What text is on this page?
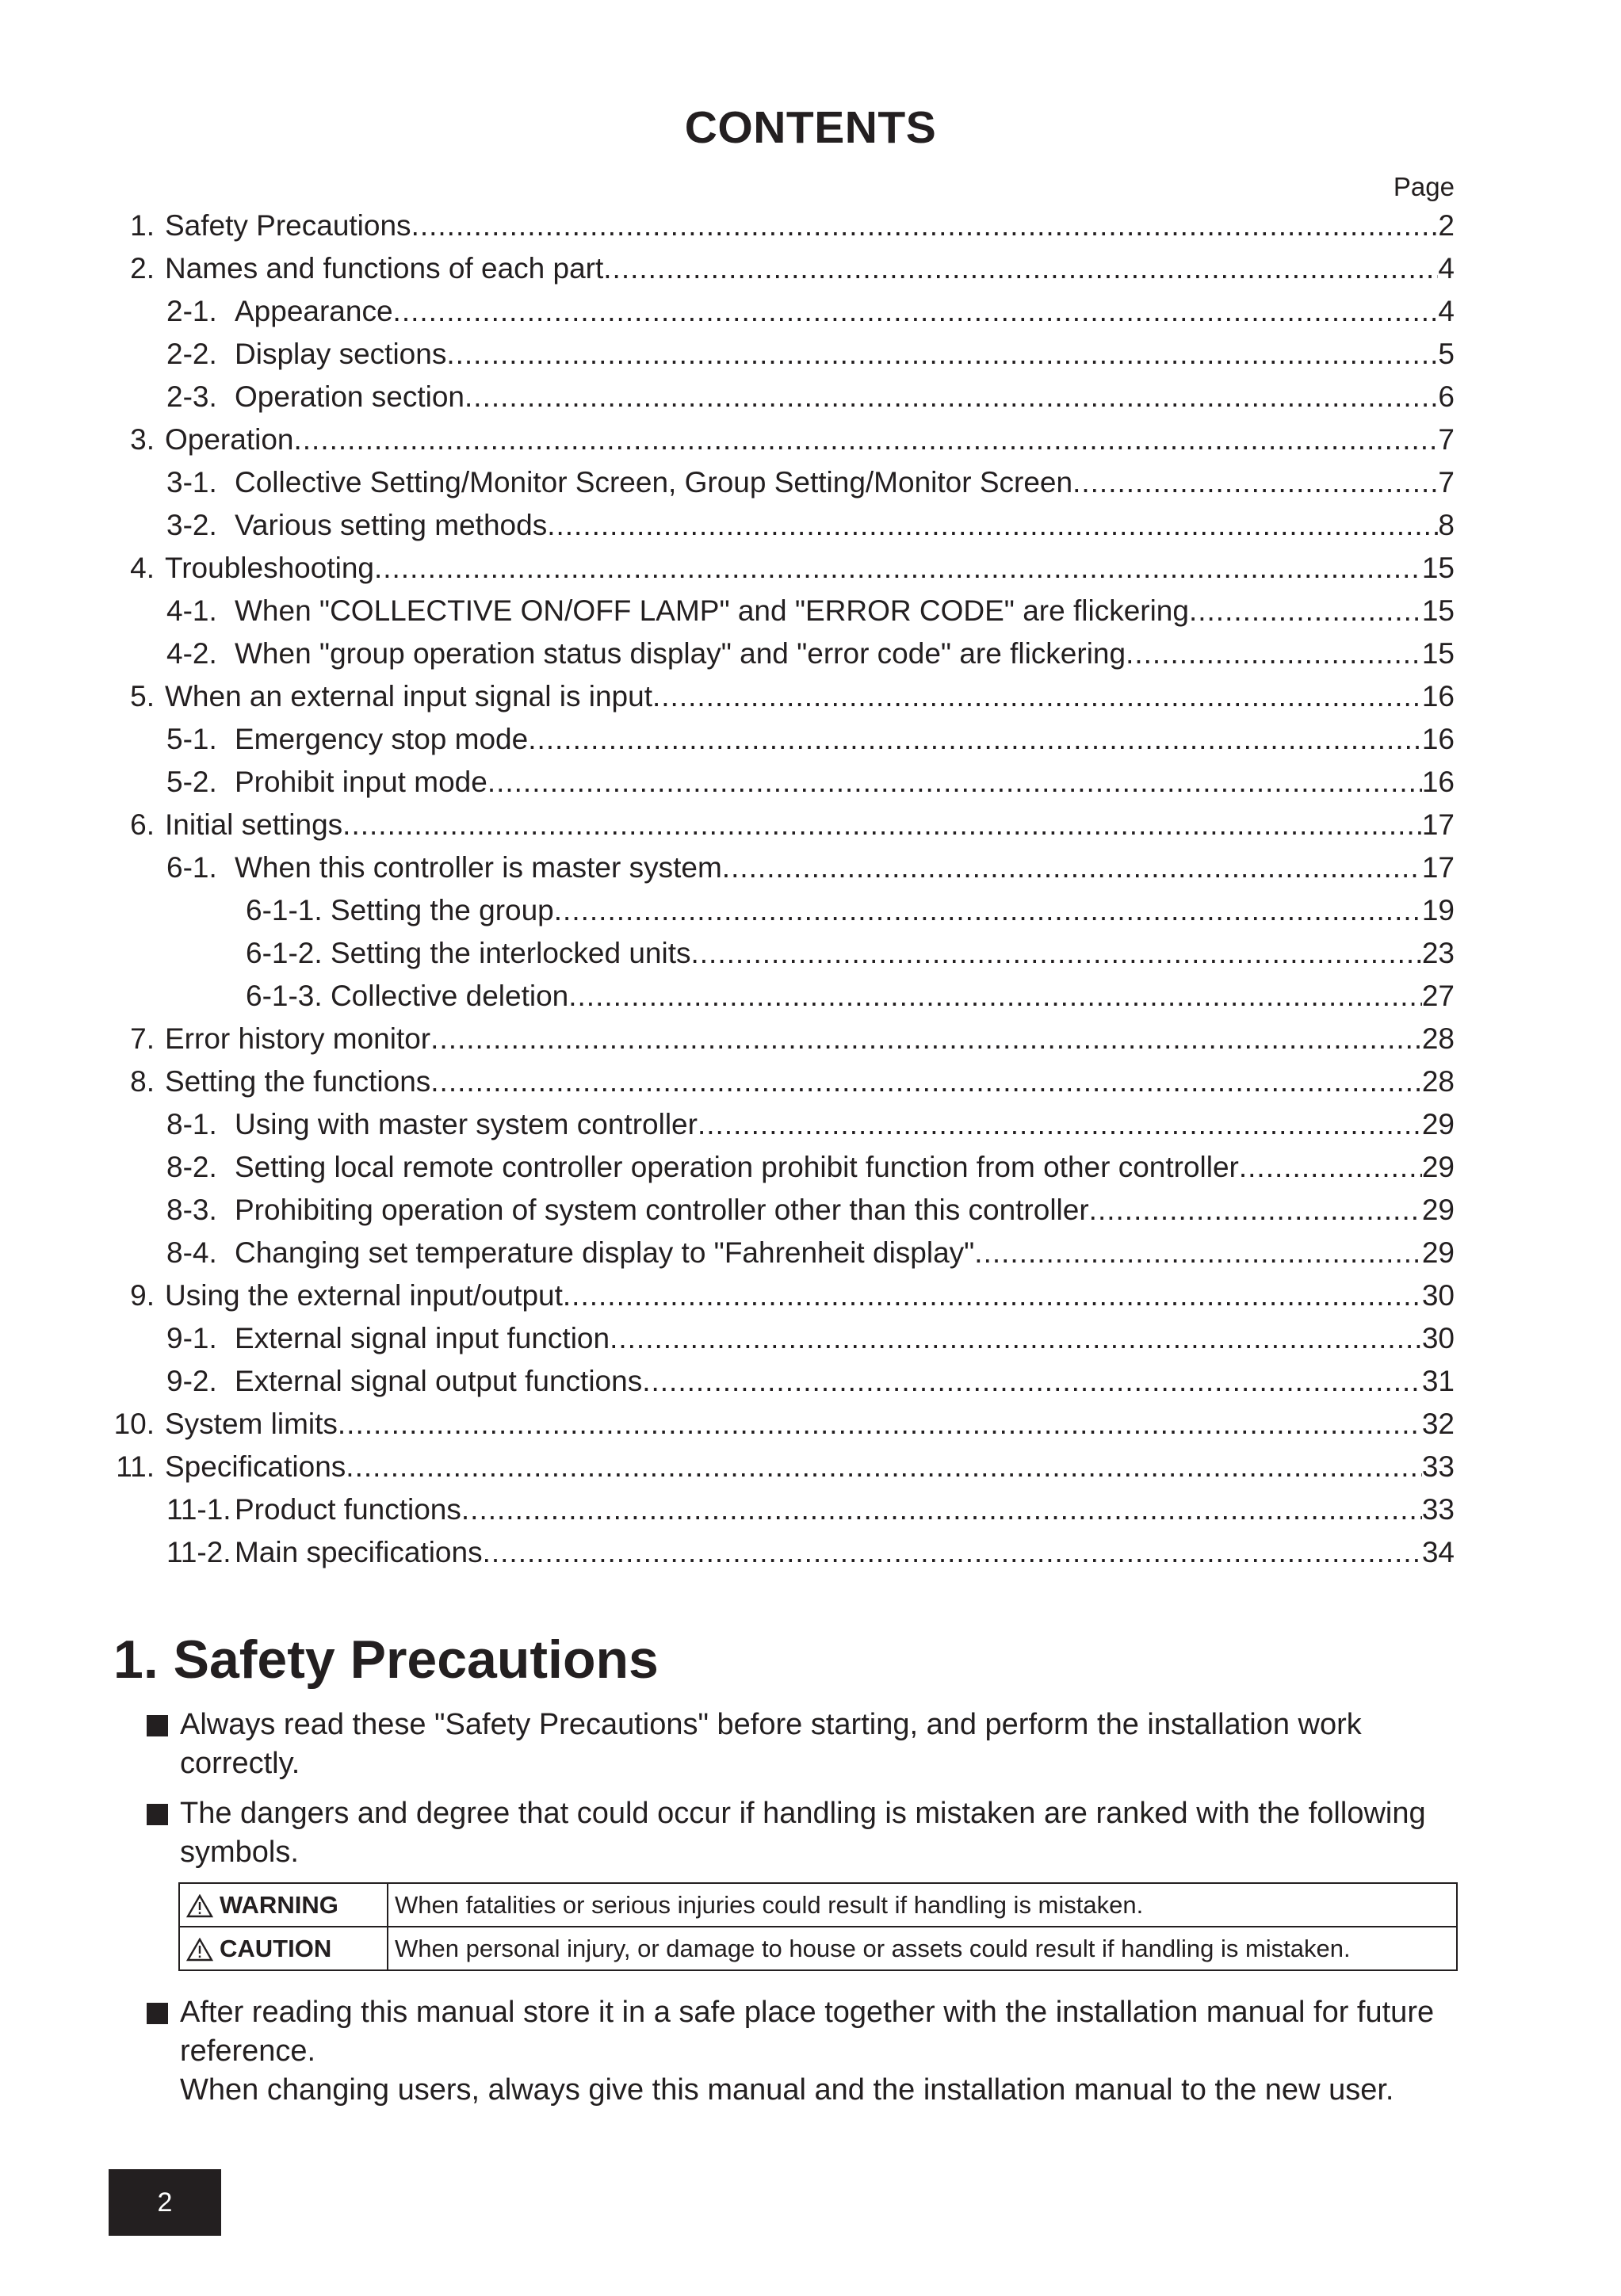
CONTENTS
Page
1. Safety Precautions .....	2
2. Names and functions of each part .....	4
2-1. Appearance .....	4
2-2. Display sections .....	5
2-3. Operation section .....	6
3. Operation .....	7
3-1. Collective Setting/Monitor Screen, Group Setting/Monitor Screen .....	7
3-2. Various setting methods .....	8
4. Troubleshooting .....	15
4-1. When "COLLECTIVE ON/OFF LAMP" and "ERROR CODE" are flickering .....	15
4-2. When "group operation status display" and "error code" are flickering .....	15
5. When an external input signal is input .....	16
5-1. Emergency stop mode .....	16
5-2. Prohibit input mode .....	16
6. Initial settings .....	17
6-1. When this controller is master system .....	17
6-1-1. Setting the group .....	19
6-1-2. Setting the interlocked units .....	23
6-1-3. Collective deletion .....	27
7. Error history monitor .....	28
8. Setting the functions .....	28
8-1. Using with master system controller .....	29
8-2. Setting local remote controller operation prohibit function from other controller .....	29
8-3. Prohibiting operation of system controller other than this controller .....	29
8-4. Changing set temperature display to "Fahrenheit display" .....	29
9. Using the external input/output .....	30
9-1. External signal input function .....	30
9-2. External signal output functions .....	31
10. System limits .....	32
11. Specifications .....	33
11-1. Product functions .....	33
11-2. Main specifications .....	34
1. Safety Precautions
Always read these "Safety Precautions" before starting, and perform the installation work correctly.
The dangers and degree that could occur if handling is mistaken are ranked with the following symbols.
WARNING	When fatalities or serious injuries could result if handling is mistaken.
CAUTION	When personal injury, or damage to house or assets could result if handling is mistaken.
After reading this manual store it in a safe place together with the installation manual for future reference.
When changing users, always give this manual and the installation manual to the new user.
2
